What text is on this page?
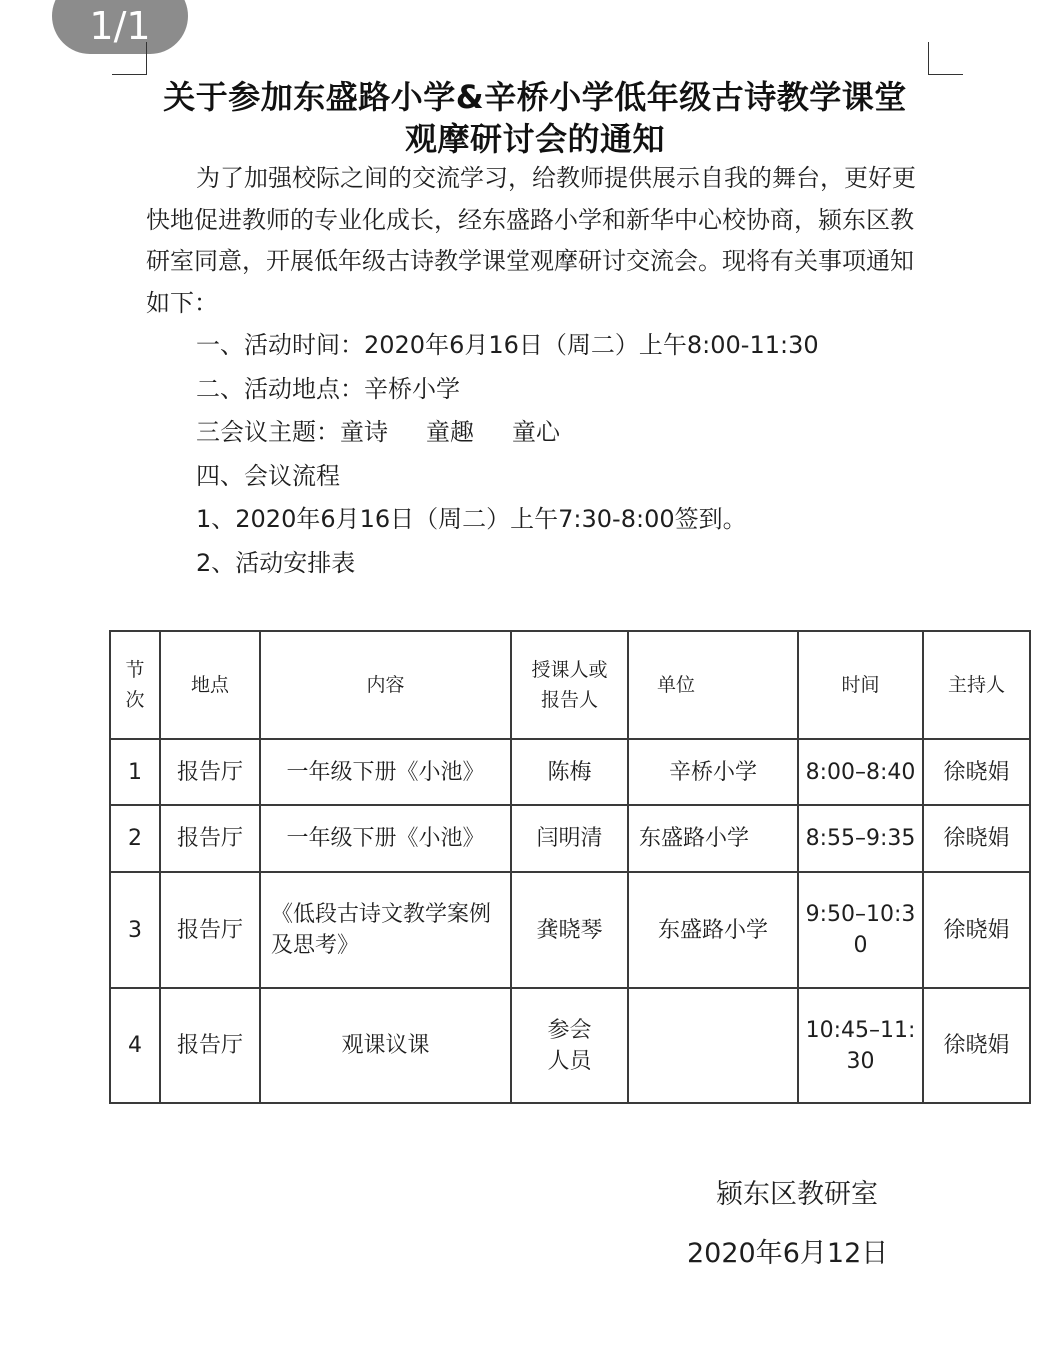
1/1
关于参加东盛路小学&辛桥小学低年级古诗教学课堂
观摩研讨会的通知

为了加强校际之间的交流学习，给教师提供展示自我的舞台，更好更快地促进教师的专业化成长，经东盛路小学和新华中心校协商，颍东区教研室同意，开展低年级古诗教学课堂观摩研讨交流会。现将有关事项通知如下：

一、活动时间：2020年6月16日（周二）上午8:00-11:30

二、活动地点：辛桥小学

三会议主题：童诗 童趣 童心

四、会议流程

1、2020年6月16日（周二）上午7:30-8:00签到。

2、活动安排表

节
次	地点	内容	授课人或
报告人	单位	时间	主持人
1	报告厅	一年级下册《小池》	陈梅	辛桥小学	8:00–8:40	徐晓娟
2	报告厅	一年级下册《小池》	闫明清	东盛路小学	8:55–9:35	徐晓娟
3	报告厅	《低段古诗文教学案例
及思考》	龚晓琴	东盛路小学	9:50–10:3
0	徐晓娟
4	报告厅	观课议课	参会
人员		10:45–11:
30	徐晓娟
颍东区教研室
2020年6月12日
